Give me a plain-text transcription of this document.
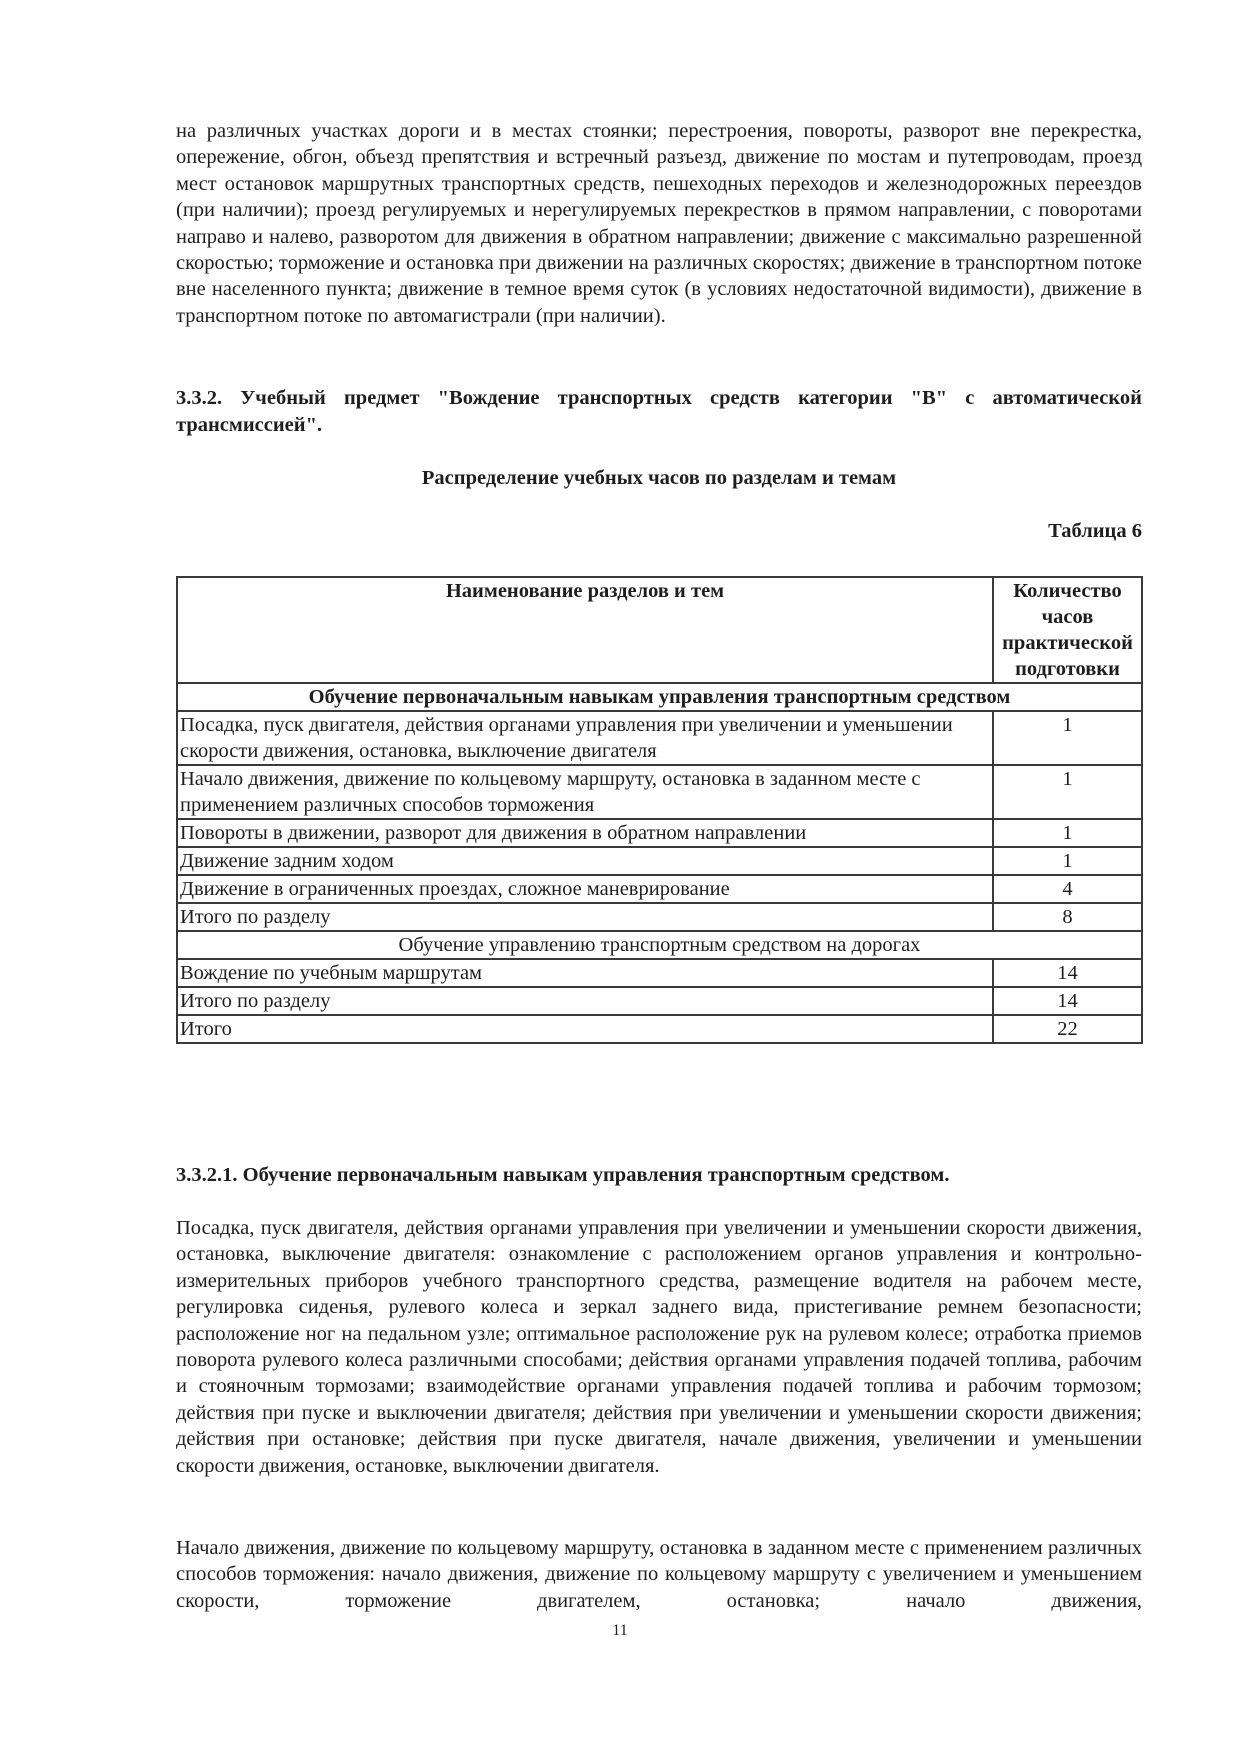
на различных участках дороги и в местах стоянки; перестроения, повороты, разворот вне перекрестка, опережение, обгон, объезд препятствия и встречный разъезд, движение по мостам и путепроводам, проезд мест остановок маршрутных транспортных средств, пешеходных переходов и железнодорожных переездов (при наличии); проезд регулируемых и нерегулируемых перекрестков в прямом направлении, с поворотами направо и налево, разворотом для движения в обратном направлении; движение с максимально разрешенной скоростью; торможение и остановка при движении на различных скоростях; движение в транспортном потоке вне населенного пункта; движение в темное время суток (в условиях недостаточной видимости), движение в транспортном потоке по автомагистрали (при наличии).

3.3.2. Учебный предмет "Вождение транспортных средств категории "B" с автоматической трансмиссией".

Распределение учебных часов по разделам и темам
Таблица 6
Наименование разделов и тем	Количество часов практической подготовки
Обучение первоначальным навыкам управления транспортным средством	
Посадка, пуск двигателя, действия органами управления при увеличении и уменьшении скорости движения, остановка, выключение двигателя	1
Начало движения, движение по кольцевому маршруту, остановка в заданном месте с применением различных способов торможения	1
Повороты в движении, разворот для движения в обратном направлении	1
Движение задним ходом	1
Движение в ограниченных проездах, сложное маневрирование	4
Итого по разделу	8
Обучение управлению транспортным средством на дорогах	
Вождение по учебным маршрутам	14
Итого по разделу	14
Итого	22

3.3.2.1. Обучение первоначальным навыкам управления транспортным средством.

Посадка, пуск двигателя, действия органами управления при увеличении и уменьшении скорости движения, остановка, выключение двигателя: ознакомление с расположением органов управления и контрольно-измерительных приборов учебного транспортного средства, размещение водителя на рабочем месте, регулировка сиденья, рулевого колеса и зеркал заднего вида, пристегивание ремнем безопасности; расположение ног на педальном узле; оптимальное расположение рук на рулевом колесе; отработка приемов поворота рулевого колеса различными способами; действия органами управления подачей топлива, рабочим и стояночным тормозами; взаимодействие органами управления подачей топлива и рабочим тормозом; действия при пуске и выключении двигателя; действия при увеличении и уменьшении скорости движения; действия при остановке; действия при пуске двигателя, начале движения, увеличении и уменьшении скорости движения, остановке, выключении двигателя.

Начало движения, движение по кольцевому маршруту, остановка в заданном месте с применением различных способов торможения: начало движения, движение по кольцевому маршруту с увеличением и уменьшением скорости, торможение двигателем, остановка; начало движения,

11
